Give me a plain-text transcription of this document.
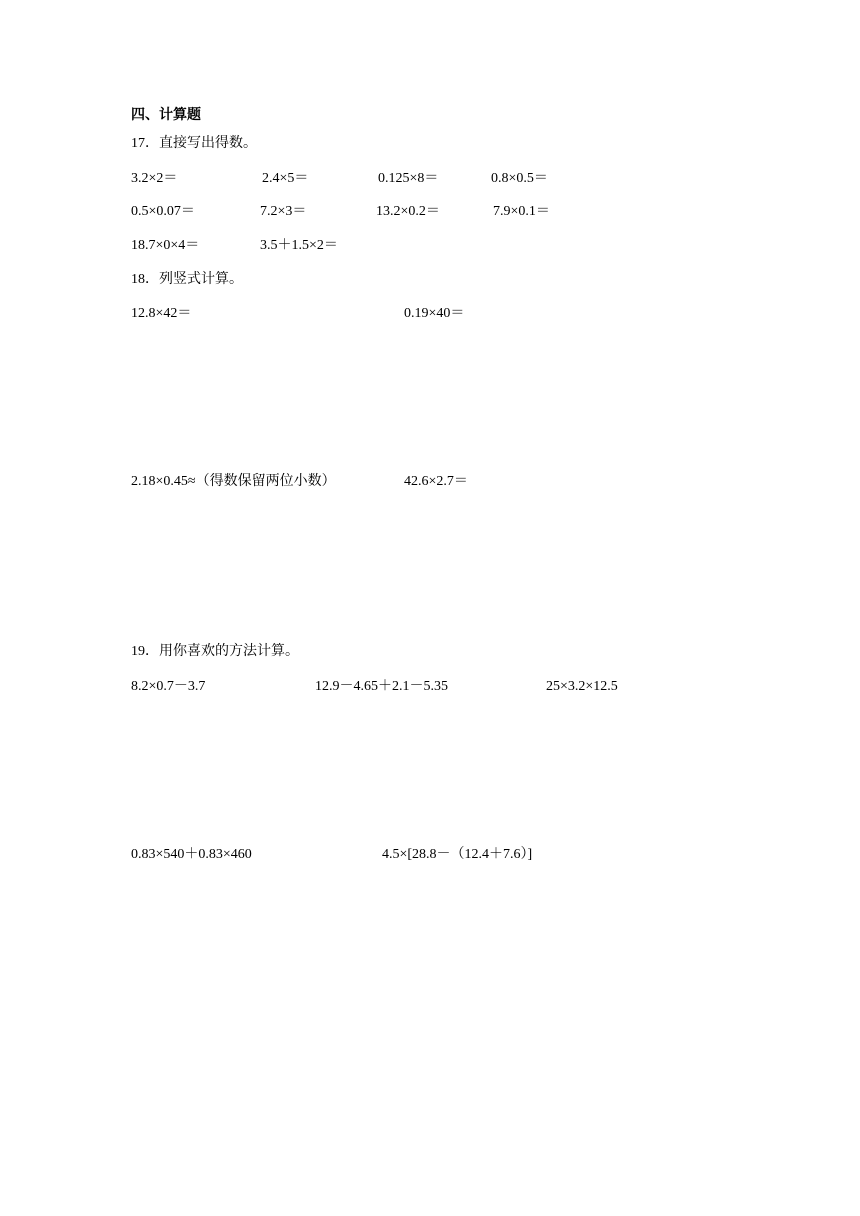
四、计算题
17．直接写出得数。
3.2×2＝	2.4×5＝	0.125×8＝	0.8×0.5＝
0.5×0.07＝	7.2×3＝	13.2×0.2＝	7.9×0.1＝
18.7×0×4＝	3.5＋1.5×2＝
18．列竖式计算。
12.8×42＝	0.19×40＝
2.18×0.45≈（得数保留两位小数）	42.6×2.7＝
19．用你喜欢的方法计算。
8.2×0.7－3.7	12.9－4.65＋2.1－5.35	25×3.2×12.5
0.83×540＋0.83×460	4.5×[28.8－（12.4＋7.6）]
